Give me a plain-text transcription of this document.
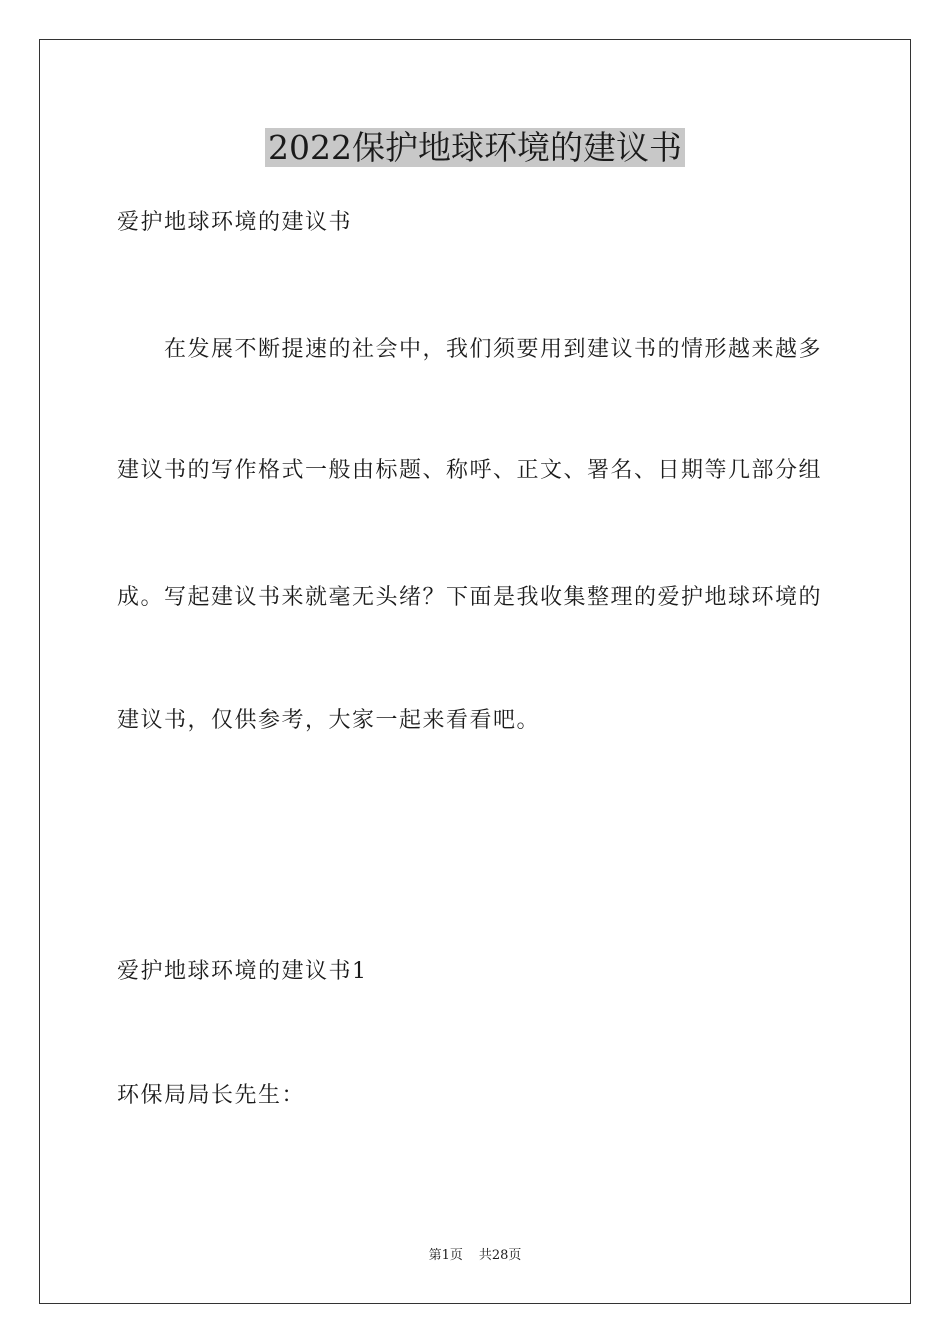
2022保护地球环境的建议书

爱护地球环境的建议书

在发展不断提速的社会中，我们须要用到建议书的情形越来越多

建议书的写作格式一般由标题、称呼、正文、署名、日期等几部分组

成。写起建议书来就毫无头绪？下面是我收集整理的爱护地球环境的

建议书，仅供参考，大家一起来看看吧。

爱护地球环境的建议书1

环保局局长先生：

第1页 共28页
